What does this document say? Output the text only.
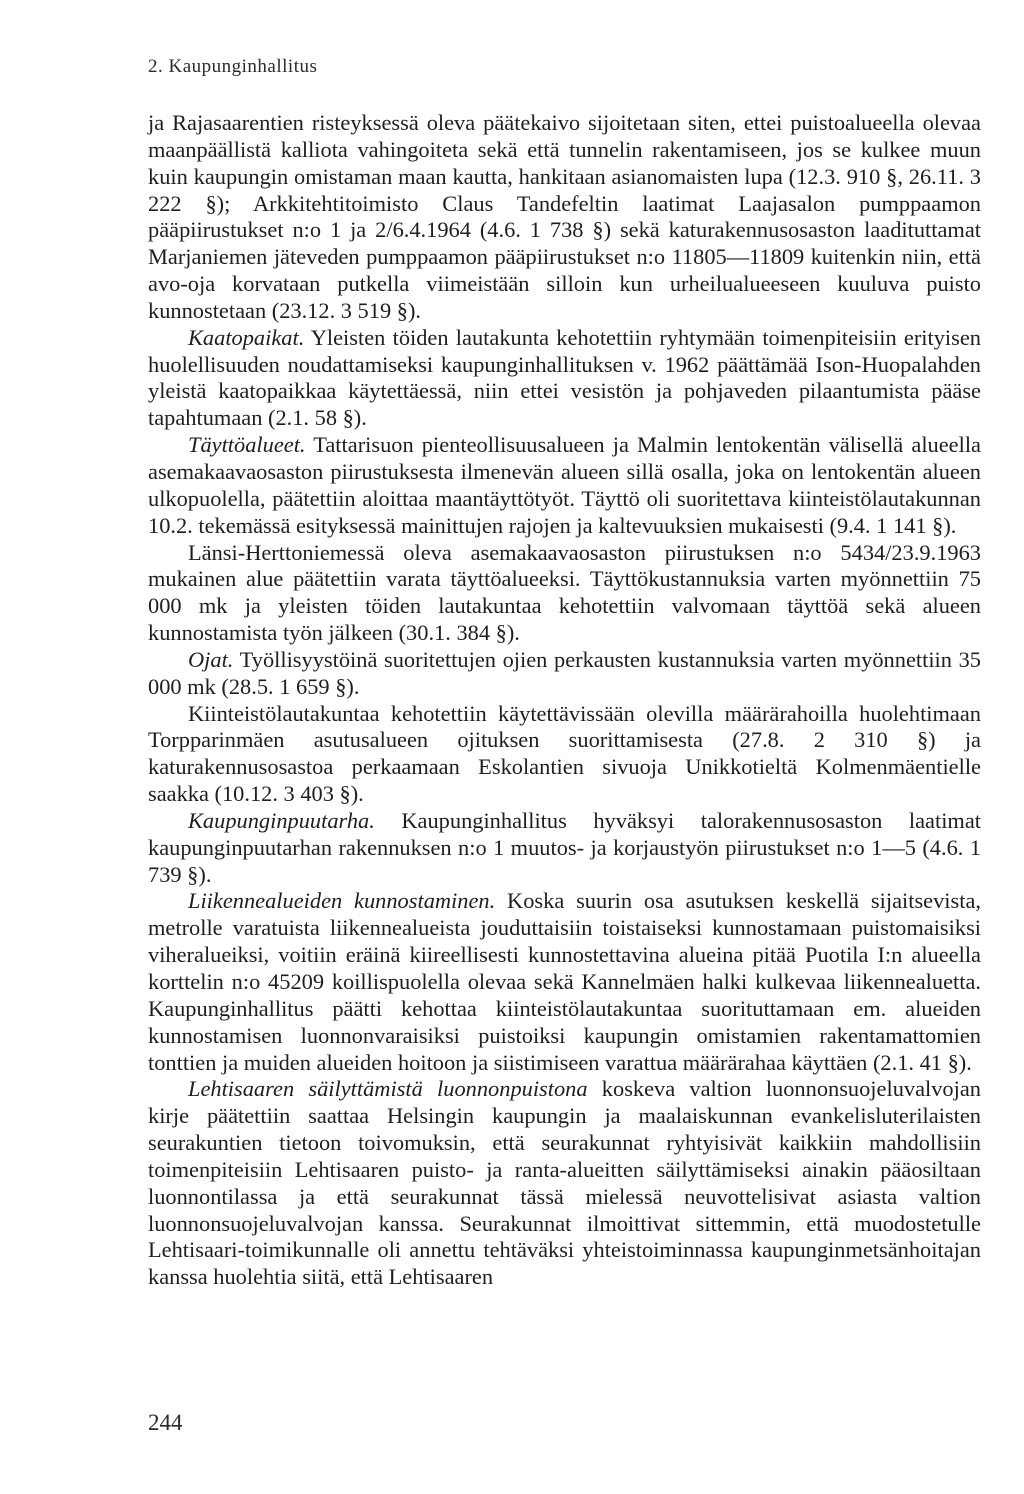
2. Kaupunginhallitus

ja Rajasaarentien risteyksessä oleva päätekaivo sijoitetaan siten, ettei puistoalueella olevaa maanpäällistä kalliota vahingoiteta sekä että tunnelin rakentamiseen, jos se kulkee muun kuin kaupungin omistaman maan kautta, hankitaan asianomaisten lupa (12.3. 910 §, 26.11. 3 222 §); Arkkitehtitoimisto Claus Tandefeltin laatimat Laajasalon pumppaamon pääpiirustukset n:o 1 ja 2/6.4.1964 (4.6. 1 738 §) sekä katurakennusosaston laadituttamat Marjaniemen jäteveden pumppaamon pääpiirustukset n:o 11805—11809 kuitenkin niin, että avo-oja korvataan putkella viimeistään silloin kun urheilualueeseen kuuluva puisto kunnostetaan (23.12. 3 519 §).

Kaatopaikat. Yleisten töiden lautakunta kehotettiin ryhtymään toimenpiteisiin erityisen huolellisuuden noudattamiseksi kaupunginhallituksen v. 1962 päättämää Ison-Huopalahden yleistä kaatopaikkaa käytettäessä, niin ettei vesistön ja pohjaveden pilaantumista pääse tapahtumaan (2.1. 58 §).

Täyttöalueet. Tattarisuon pienteollisuusalueen ja Malmin lentokentän välisellä alueella asemakaavaosaston piirustuksesta ilmenevän alueen sillä osalla, joka on lentokentän alueen ulkopuolella, päätettiin aloittaa maantäyttötyöt. Täyttö oli suoritettava kiinteistölautakunnan 10.2. tekemässä esityksessä mainittujen rajojen ja kaltevuuksien mukaisesti (9.4. 1 141 §).

Länsi-Herttoniemessä oleva asemakaavaosaston piirustuksen n:o 5434/23.9.1963 mukainen alue päätettiin varata täyttöalueeksi. Täyttökustannuksia varten myönnettiin 75 000 mk ja yleisten töiden lautakuntaa kehotettiin valvomaan täyttöä sekä alueen kunnostamista työn jälkeen (30.1. 384 §).

Ojat. Työllisyystöinä suoritettujen ojien perkausten kustannuksia varten myönnettiin 35 000 mk (28.5. 1 659 §).

Kiinteistölautakuntaa kehotettiin käytettävissään olevilla määrärahoilla huolehtimaan Torpparinmäen asutusalueen ojituksen suorittamisesta (27.8. 2 310 §) ja katurakennusosastoa perkaamaan Eskolantien sivuoja Unikkotieltä Kolmenmäentielle saakka (10.12. 3 403 §).

Kaupunginpuutarha. Kaupunginhallitus hyväksyi talorakennusosaston laatimat kaupunginpuutarhan rakennuksen n:o 1 muutos- ja korjaustyön piirustukset n:o 1—5 (4.6. 1 739 §).

Liikennealueiden kunnostaminen. Koska suurin osa asutuksen keskellä sijaitsevista, metrolle varatuista liikennealueista jouduttaisiin toistaiseksi kunnostamaan puistomaisiksi viheralueiksi, voitiin eräinä kiireellisesti kunnostettavina alueina pitää Puotila I:n alueella korttelin n:o 45209 koillispuolella olevaa sekä Kannelmäen halki kulkevaa liikennealuetta. Kaupunginhallitus päätti kehottaa kiinteistölautakuntaa suorituttamaan em. alueiden kunnostamisen luonnonvaraisiksi puistoiksi kaupungin omistamien rakentamattomien tonttien ja muiden alueiden hoitoon ja siistimiseen varattua määrärahaa käyttäen (2.1. 41 §).

Lehtisaaren säilyttämistä luonnonpuistona koskeva valtion luonnonsuojeluvalvojan kirje päätettiin saattaa Helsingin kaupungin ja maalaiskunnan evankelisluterilaisten seurakuntien tietoon toivomuksin, että seurakunnat ryhtyisivät kaikkiin mahdollisiin toimenpiteisiin Lehtisaaren puisto- ja ranta-alueitten säilyttämiseksi ainakin pääosiltaan luonnontilassa ja että seurakunnat tässä mielessä neuvottelisivat asiasta valtion luonnonsuojeluvalvojan kanssa. Seurakunnat ilmoittivat sittemmin, että muodostetulle Lehtisaari-toimikunnalle oli annettu tehtäväksi yhteistoiminnassa kaupunginmetsänhoitajan kanssa huolehtia siitä, että Lehtisaaren

244
